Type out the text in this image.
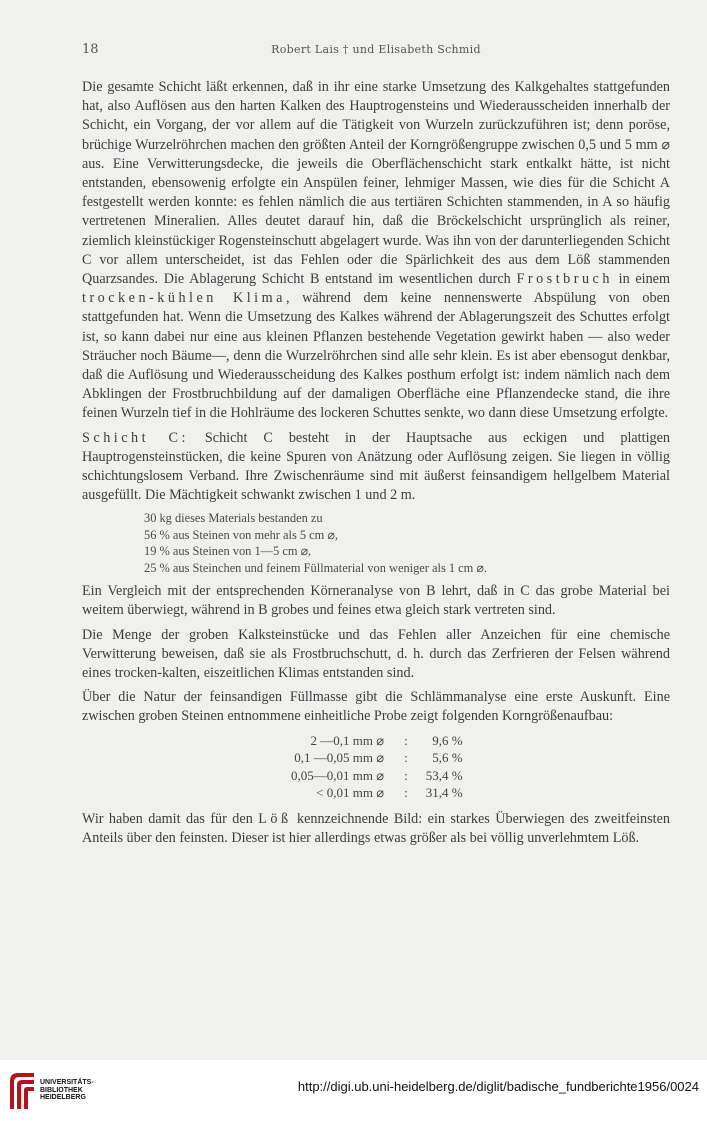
18	Robert Lais † und Elisabeth Schmid

Die gesamte Schicht läßt erkennen, daß in ihr eine starke Umsetzung des Kalkgehaltes stattgefunden hat, also Auflösen aus den harten Kalken des Hauptrogensteins und Wiederausscheiden innerhalb der Schicht, ein Vorgang, der vor allem auf die Tätigkeit von Wurzeln zurückzuführen ist; denn poröse, brüchige Wurzelröhrchen machen den größten Anteil der Korngrößengruppe zwischen 0,5 und 5 mm ⌀ aus. Eine Verwitterungsdecke, die jeweils die Oberflächenschicht stark entkalkt hätte, ist nicht entstanden, ebensowenig erfolgte ein Anspülen feiner, lehmiger Massen, wie dies für die Schicht A festgestellt werden konnte: es fehlen nämlich die aus tertiären Schichten stammenden, in A so häufig vertretenen Mineralien. Alles deutet darauf hin, daß die Bröckelschicht ursprünglich als reiner, ziemlich kleinstückiger Rogensteinschutt abgelagert wurde. Was ihn von der darunterliegenden Schicht C vor allem unterscheidet, ist das Fehlen oder die Spärlichkeit des aus dem Löß stammenden Quarzsandes. Die Ablagerung Schicht B entstand im wesentlichen durch Frostbruch in einem trocken-kühlen Klima, während dem keine nennenswerte Abspülung von oben stattgefunden hat. Wenn die Umsetzung des Kalkes während der Ablagerungszeit des Schuttes erfolgt ist, so kann dabei nur eine aus kleinen Pflanzen bestehende Vegetation gewirkt haben — also weder Sträucher noch Bäume—, denn die Wurzelröhrchen sind alle sehr klein. Es ist aber ebensogut denkbar, daß die Auflösung und Wiederausscheidung des Kalkes posthum erfolgt ist: indem nämlich nach dem Abklingen der Frostbruchbildung auf der damaligen Oberfläche eine Pflanzendecke stand, die ihre feinen Wurzeln tief in die Hohlräume des lockeren Schuttes senkte, wo dann diese Umsetzung erfolgte.

Schicht C: Schicht C besteht in der Hauptsache aus eckigen und plattigen Hauptrogensteinstücken, die keine Spuren von Anätzung oder Auflösung zeigen. Sie liegen in völlig schichtungslosem Verband. Ihre Zwischenräume sind mit äußerst feinsandigem hellgelbem Material ausgefüllt. Die Mächtigkeit schwankt zwischen 1 und 2 m.

30 kg dieses Materials bestanden zu
56 % aus Steinen von mehr als 5 cm ⌀,
19 % aus Steinen von 1—5 cm ⌀,
25 % aus Steinchen und feinem Füllmaterial von weniger als 1 cm ⌀.

Ein Vergleich mit der entsprechenden Körneranalyse von B lehrt, daß in C das grobe Material bei weitem überwiegt, während in B grobes und feines etwa gleich stark vertreten sind.

Die Menge der groben Kalksteinstücke und das Fehlen aller Anzeichen für eine chemische Verwitterung beweisen, daß sie als Frostbruchschutt, d. h. durch das Zerfrieren der Felsen während eines trocken-kalten, eiszeitlichen Klimas entstanden sind.

Über die Natur der feinsandigen Füllmasse gibt die Schlämmanalyse eine erste Auskunft. Eine zwischen groben Steinen entnommene einheitliche Probe zeigt folgenden Korngrößenaufbau:

2 —0,1 mm ⌀	:	9,6 %
0,1 —0,05 mm ⌀	:	5,6 %
0,05—0,01 mm ⌀	:	53,4 %
< 0,01 mm ⌀	:	31,4 %

Wir haben damit das für den Löß kennzeichnende Bild: ein starkes Überwiegen des zweitfeinsten Anteils über den feinsten. Dieser ist hier allerdings etwas größer als bei völlig unverlehmtem Löß.

UNIVERSITÄTS-
BIBLIOTHEK
HEIDELBERG
http://digi.ub.uni-heidelberg.de/diglit/badische_fundberichte1956/0024
